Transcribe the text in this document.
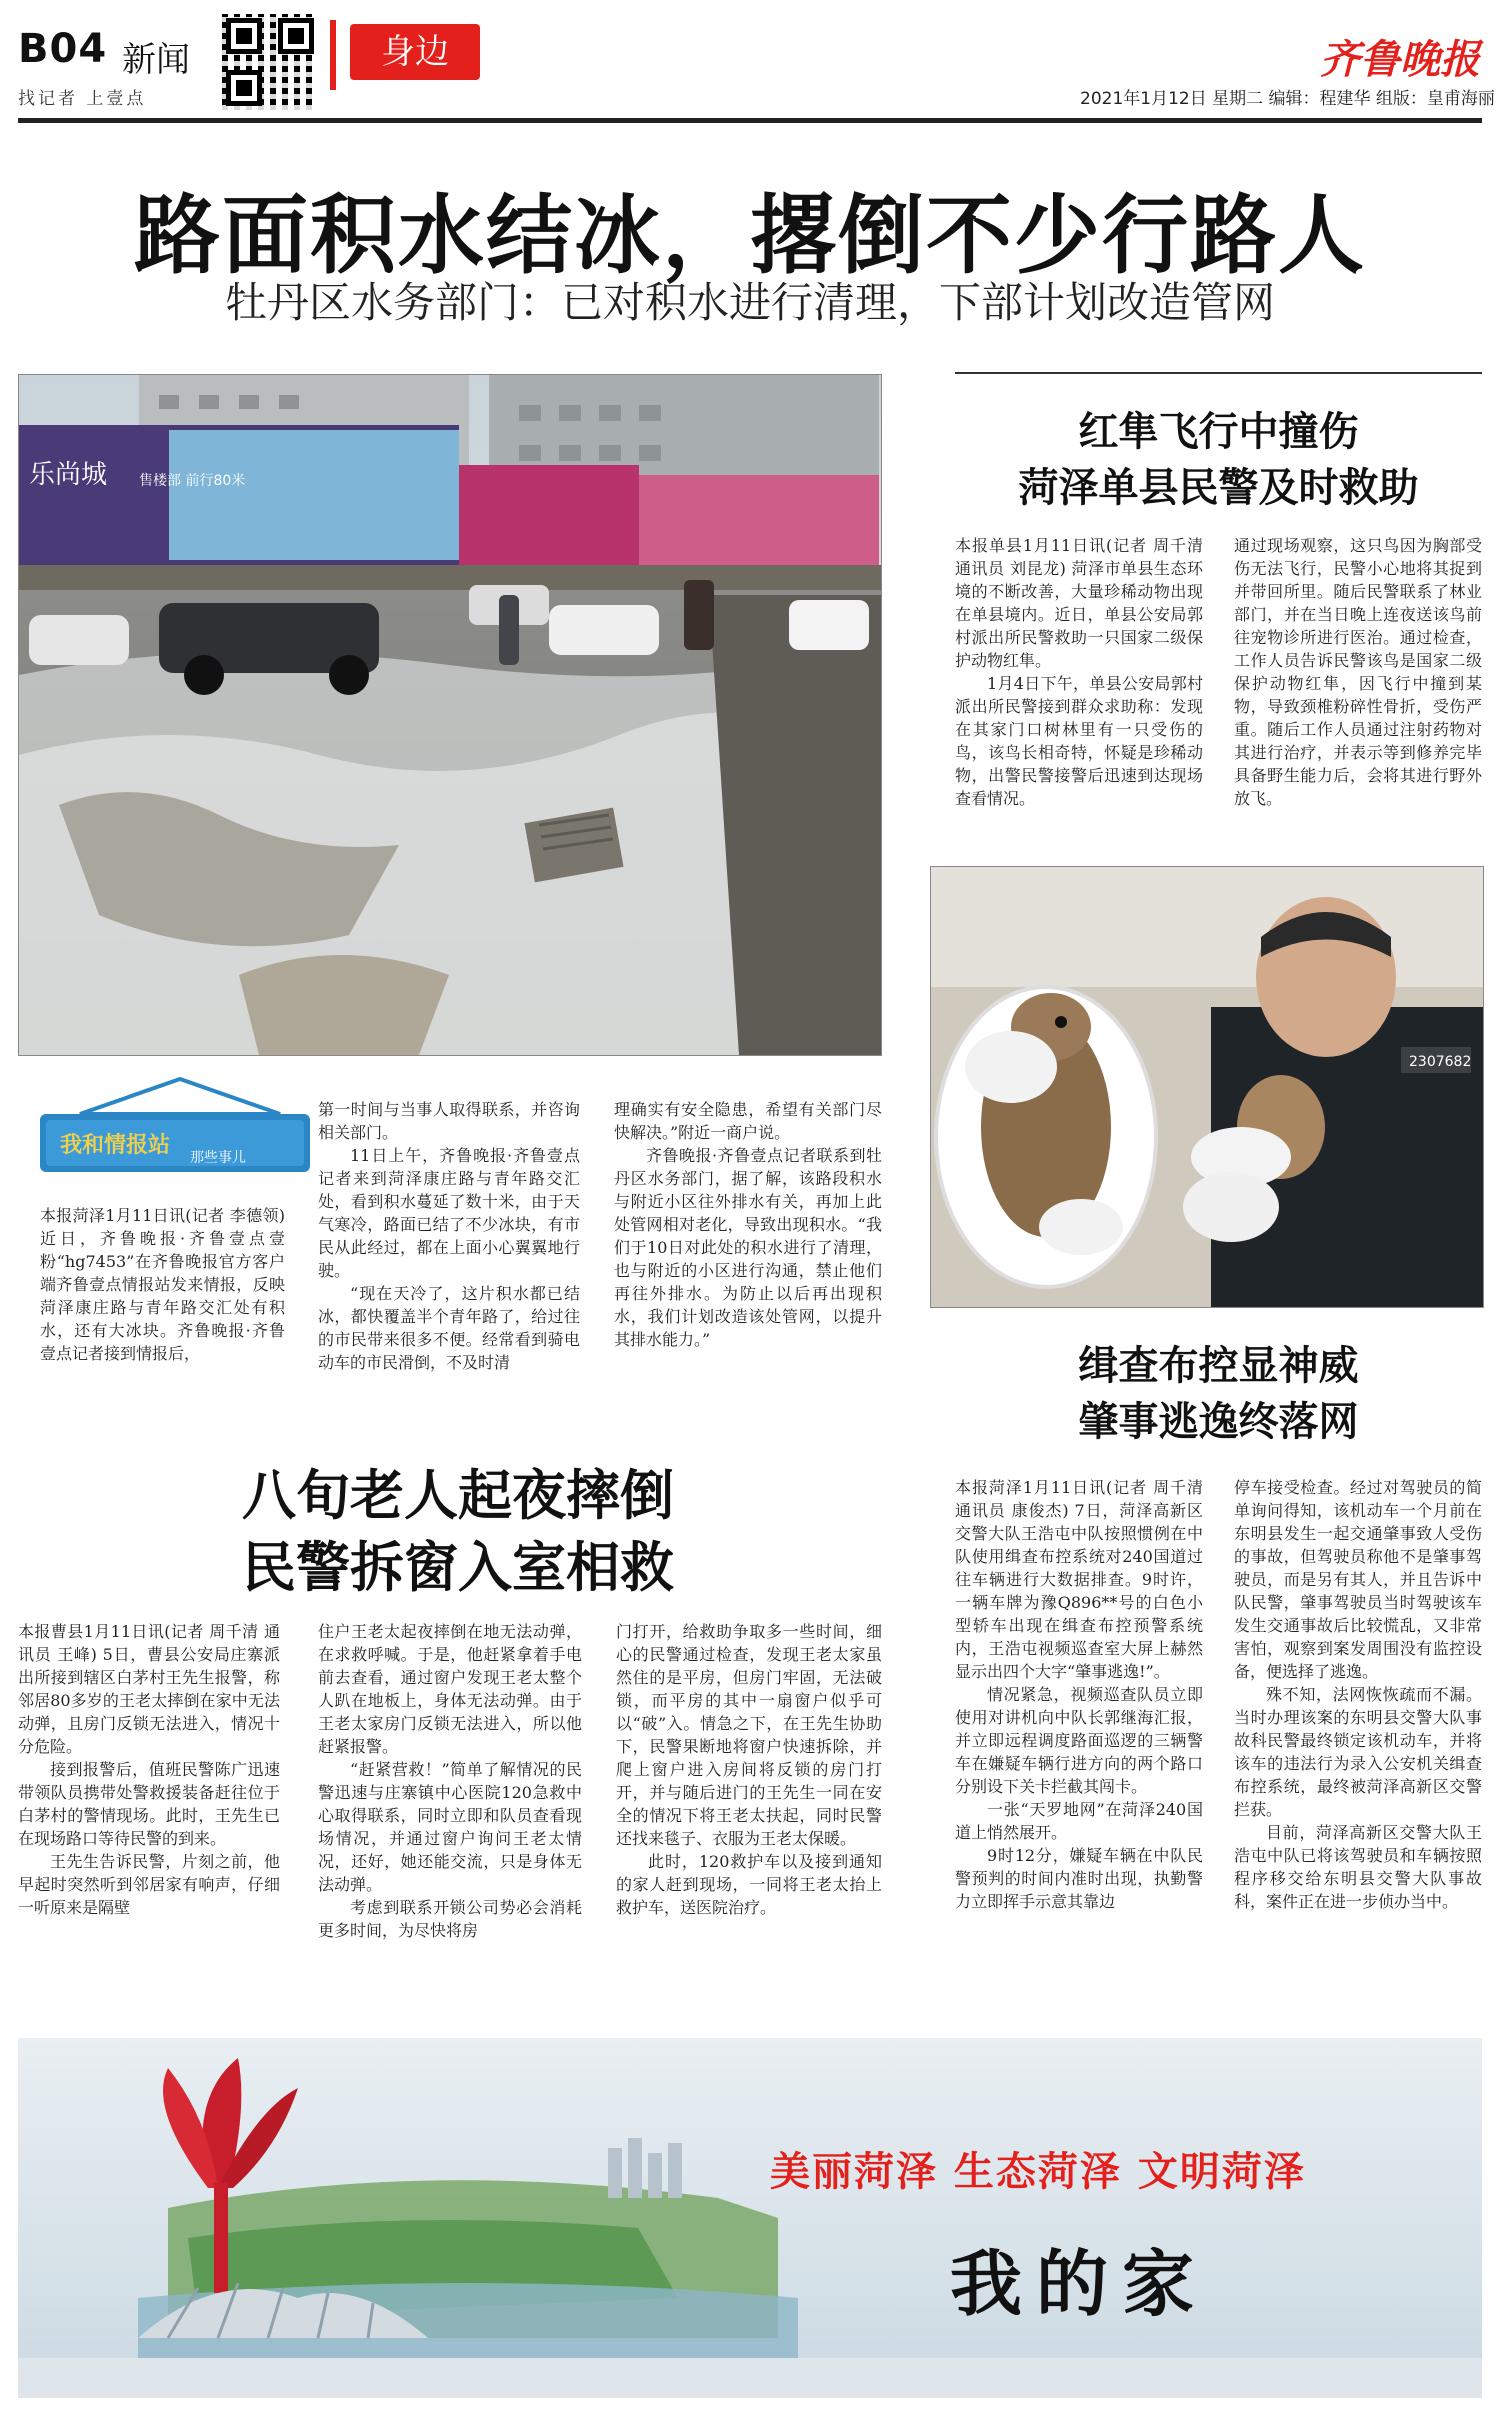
B04 新闻
找记者 上壹点
身边	齐鲁晚报
2021年1月12日 星期二 编辑：程建华 组版：皇甫海丽
路面积水结冰，撂倒不少行路人
牡丹区水务部门：已对积水进行清理，下部计划改造管网
乐尚城 售楼部 前行80米
我和情报站 那些事儿

本报菏泽1月11日讯(记者 李德领) 近日，齐鲁晚报·齐鲁壹点壹粉“hg7453”在齐鲁晚报官方客户端齐鲁壹点情报站发来情报，反映菏泽康庄路与青年路交汇处有积水，还有大冰块。齐鲁晚报·齐鲁壹点记者接到情报后，

第一时间与当事人取得联系，并咨询相关部门。

11日上午，齐鲁晚报·齐鲁壹点记者来到菏泽康庄路与青年路交汇处，看到积水蔓延了数十米，由于天气寒冷，路面已结了不少冰块，有市民从此经过，都在上面小心翼翼地行驶。

“现在天冷了，这片积水都已结冰，都快覆盖半个青年路了，给过往的市民带来很多不便。经常看到骑电动车的市民滑倒，不及时清

理确实有安全隐患，希望有关部门尽快解决。”附近一商户说。

齐鲁晚报·齐鲁壹点记者联系到牡丹区水务部门，据了解，该路段积水与附近小区往外排水有关，再加上此处管网相对老化，导致出现积水。“我们于10日对此处的积水进行了清理，也与附近的小区进行沟通，禁止他们再往外排水。为防止以后再出现积水，我们计划改造该处管网，以提升其排水能力。”

红隼飞行中撞伤
菏泽单县民警及时救助

本报单县1月11日讯(记者 周千清 通讯员 刘昆龙) 菏泽市单县生态环境的不断改善，大量珍稀动物出现在单县境内。近日，单县公安局郭村派出所民警救助一只国家二级保护动物红隼。

1月4日下午，单县公安局郭村派出所民警接到群众求助称：发现在其家门口树林里有一只受伤的鸟，该鸟长相奇特，怀疑是珍稀动物，出警民警接警后迅速到达现场查看情况。

通过现场观察，这只鸟因为胸部受伤无法飞行，民警小心地将其捉到并带回所里。随后民警联系了林业部门，并在当日晚上连夜送该鸟前往宠物诊所进行医治。通过检查，工作人员告诉民警该鸟是国家二级保护动物红隼，因飞行中撞到某物，导致颈椎粉碎性骨折，受伤严重。随后工作人员通过注射药物对其进行治疗，并表示等到修养完毕具备野生能力后，会将其进行野外放飞。

2307682
缉查布控显神威
肇事逃逸终落网

本报菏泽1月11日讯(记者 周千清 通讯员 康俊杰) 7日，菏泽高新区交警大队王浩屯中队按照惯例在中队使用缉查布控系统对240国道过往车辆进行大数据排查。9时许，一辆车牌为豫Q896**号的白色小型轿车出现在缉查布控预警系统内，王浩屯视频巡查室大屏上赫然显示出四个大字“肇事逃逸!”。

情况紧急，视频巡查队员立即使用对讲机向中队长郭继海汇报，并立即远程调度路面巡逻的三辆警车在嫌疑车辆行进方向的两个路口分别设下关卡拦截其闯卡。

一张“天罗地网”在菏泽240国道上悄然展开。

9时12分，嫌疑车辆在中队民警预判的时间内准时出现，执勤警力立即挥手示意其靠边

停车接受检查。经过对驾驶员的简单询问得知，该机动车一个月前在东明县发生一起交通肇事致人受伤的事故，但驾驶员称他不是肇事驾驶员，而是另有其人，并且告诉中队民警，肇事驾驶员当时驾驶该车发生交通事故后比较慌乱，又非常害怕，观察到案发周围没有监控设备，便选择了逃逸。

殊不知，法网恢恢疏而不漏。当时办理该案的东明县交警大队事故科民警最终锁定该机动车，并将该车的违法行为录入公安机关缉查布控系统，最终被菏泽高新区交警拦获。

目前，菏泽高新区交警大队王浩屯中队已将该驾驶员和车辆按照程序移交给东明县交警大队事故科，案件正在进一步侦办当中。

八旬老人起夜摔倒
民警拆窗入室相救

本报曹县1月11日讯(记者 周千清 通讯员 王峰) 5日，曹县公安局庄寨派出所接到辖区白茅村王先生报警，称邻居80多岁的王老太摔倒在家中无法动弹，且房门反锁无法进入，情况十分危险。

接到报警后，值班民警陈广迅速带领队员携带处警救援装备赶往位于白茅村的警情现场。此时，王先生已在现场路口等待民警的到来。

王先生告诉民警，片刻之前，他早起时突然听到邻居家有响声，仔细一听原来是隔壁

住户王老太起夜摔倒在地无法动弹，在求救呼喊。于是，他赶紧拿着手电前去查看，通过窗户发现王老太整个人趴在地板上，身体无法动弹。由于王老太家房门反锁无法进入，所以他赶紧报警。

“赶紧营救！”简单了解情况的民警迅速与庄寨镇中心医院120急救中心取得联系，同时立即和队员查看现场情况，并通过窗户询问王老太情况，还好，她还能交流，只是身体无法动弹。

考虑到联系开锁公司势必会消耗更多时间，为尽快将房

门打开，给救助争取多一些时间，细心的民警通过检查，发现王老太家虽然住的是平房，但房门牢固，无法破锁，而平房的其中一扇窗户似乎可以“破”入。情急之下，在王先生协助下，民警果断地将窗户快速拆除，并爬上窗户进入房间将反锁的房门打开，并与随后进门的王先生一同在安全的情况下将王老太扶起，同时民警还找来毯子、衣服为王老太保暖。

此时，120救护车以及接到通知的家人赶到现场，一同将王老太抬上救护车，送医院治疗。

美丽菏泽 生态菏泽 文明菏泽
我的家
